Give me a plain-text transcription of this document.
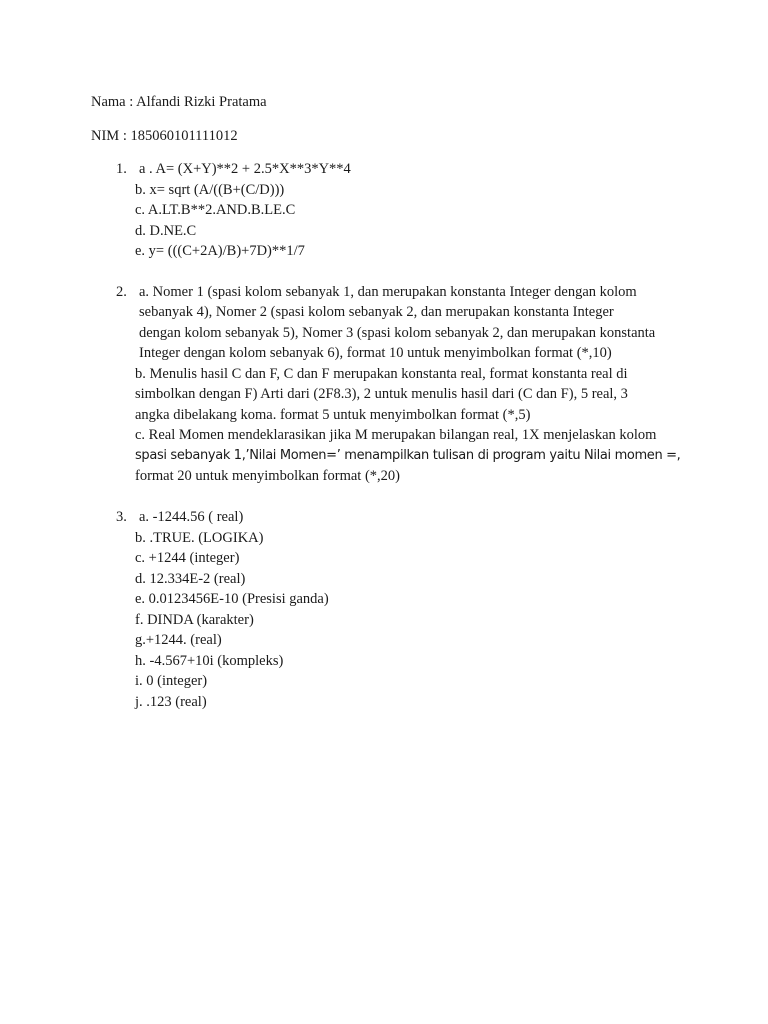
Nama : Alfandi Rizki Pratama
NIM : 185060101111012
1. a . A= (X+Y)**2 + 2.5*X**3*Y**4
b. x= sqrt (A/((B+(C/D)))
c. A.LT.B**2.AND.B.LE.C
d. D.NE.C
e. y= (((C+2A)/B)+7D)**1/7
2. a. Nomer 1 (spasi kolom sebanyak 1, dan merupakan konstanta Integer dengan kolom
sebanyak 4), Nomer 2 (spasi kolom sebanyak 2, dan merupakan konstanta Integer
dengan kolom sebanyak 5), Nomer 3 (spasi kolom sebanyak 2, dan merupakan konstanta
Integer dengan kolom sebanyak 6), format 10 untuk menyimbolkan format (*,10)
b. Menulis hasil C dan F, C dan F merupakan konstanta real, format konstanta real di
simbolkan dengan F) Arti dari (2F8.3), 2 untuk menulis hasil dari (C dan F), 5 real, 3
angka dibelakang koma. format 5 untuk menyimbolkan format (*,5)
c. Real Momen mendeklarasikan jika M merupakan bilangan real, 1X menjelaskan kolom
spasi sebanyak 1,’Nilai Momen=’ menampilkan tulisan di program yaitu Nilai momen =,
format 20 untuk menyimbolkan format (*,20)
3. a. -1244.56 ( real)
b. .TRUE. (LOGIKA)
c. +1244 (integer)
d. 12.334E-2 (real)
e. 0.0123456E-10 (Presisi ganda)
f. DINDA (karakter)
g.+1244. (real)
h. -4.567+10i (kompleks)
i. 0 (integer)
j. .123 (real)
